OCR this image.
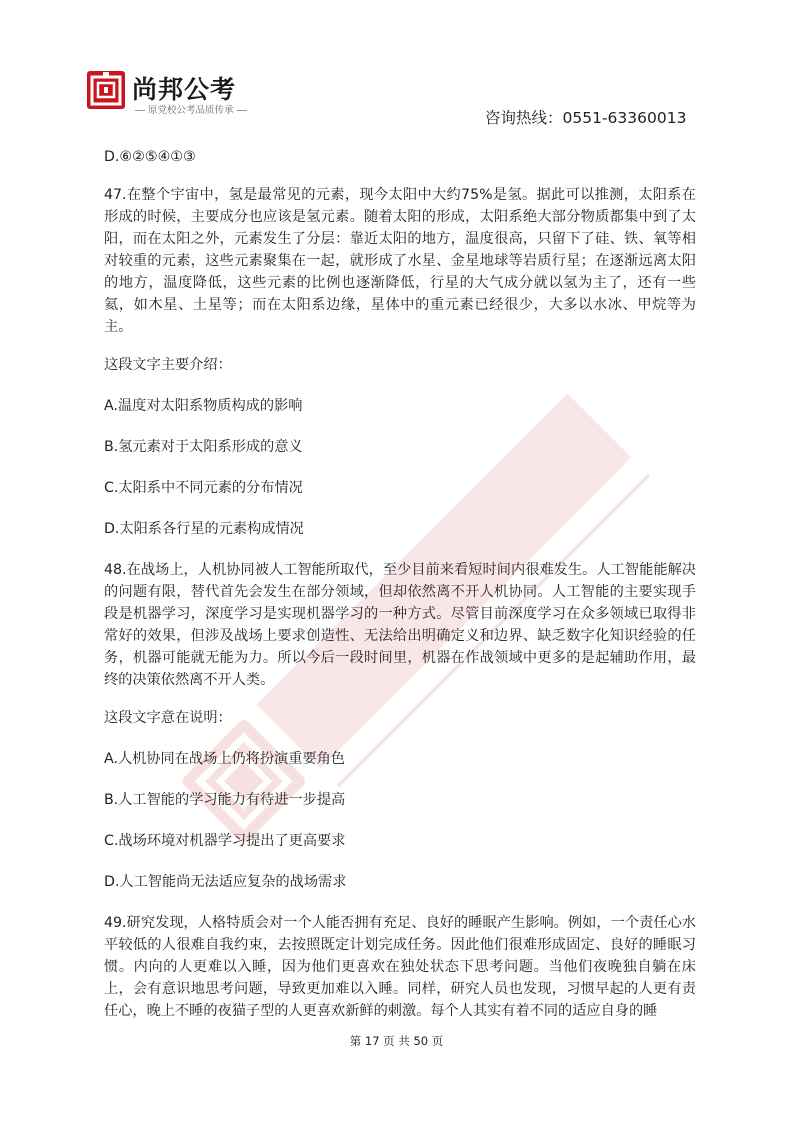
尚邦公考
原党校公考品质传承	咨询热线：0551-63360013

D.⑥②⑤④①③

47.在整个宇宙中，氢是最常见的元素，现今太阳中大约75%是氢。据此可以推测，太阳系在形成的时候，主要成分也应该是氢元素。随着太阳的形成，太阳系绝大部分物质都集中到了太阳，而在太阳之外，元素发生了分层：靠近太阳的地方，温度很高，只留下了硅、铁、氧等相对较重的元素，这些元素聚集在一起，就形成了水星、金星地球等岩质行星；在逐渐远离太阳的地方，温度降低，这些元素的比例也逐渐降低，行星的大气成分就以氢为主了，还有一些氦，如木星、土星等；而在太阳系边缘，星体中的重元素已经很少，大多以水冰、甲烷等为主。

这段文字主要介绍：

A.温度对太阳系物质构成的影响

B.氢元素对于太阳系形成的意义

C.太阳系中不同元素的分布情况

D.太阳系各行星的元素构成情况

48.在战场上，人机协同被人工智能所取代，至少目前来看短时间内很难发生。人工智能能解决的问题有限，替代首先会发生在部分领域，但却依然离不开人机协同。人工智能的主要实现手段是机器学习，深度学习是实现机器学习的一种方式。尽管目前深度学习在众多领域已取得非常好的效果，但涉及战场上要求创造性、无法给出明确定义和边界、缺乏数字化知识经验的任务，机器可能就无能为力。所以今后一段时间里，机器在作战领域中更多的是起辅助作用，最终的决策依然离不开人类。

这段文字意在说明：

A.人机协同在战场上仍将扮演重要角色

B.人工智能的学习能力有待进一步提高

C.战场环境对机器学习提出了更高要求

D.人工智能尚无法适应复杂的战场需求

49.研究发现，人格特质会对一个人能否拥有充足、良好的睡眠产生影响。例如，一个责任心水平较低的人很难自我约束，去按照既定计划完成任务。因此他们很难形成固定、良好的睡眠习惯。内向的人更难以入睡，因为他们更喜欢在独处状态下思考问题。当他们夜晚独自躺在床上，会有意识地思考问题，导致更加难以入睡。同样，研究人员也发现，习惯早起的人更有责任心，晚上不睡的夜猫子型的人更喜欢新鲜的刺激。每个人其实有着不同的适应自身的睡

第 17 页 共 50 页
